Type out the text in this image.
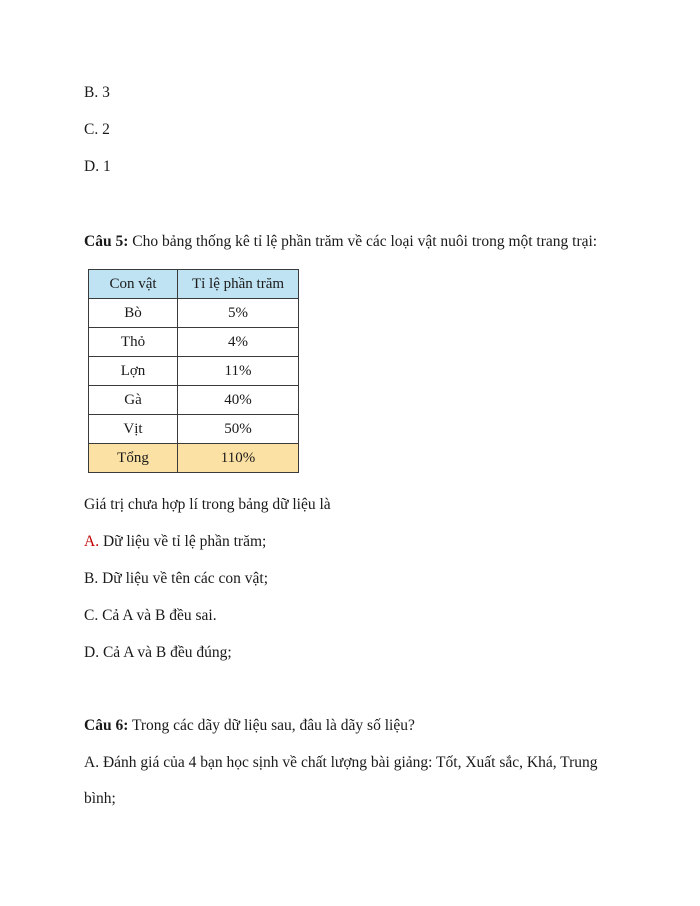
B. 3
C. 2
D. 1
Câu 5: Cho bảng thống kê tỉ lệ phần trăm về các loại vật nuôi trong một trang trại:
Con vật	Tỉ lệ phần trăm
Bò	5%
Thỏ	4%
Lợn	11%
Gà	40%
Vịt	50%
Tổng	110%
Giá trị chưa hợp lí trong bảng dữ liệu là
A. Dữ liệu về tỉ lệ phần trăm;
B. Dữ liệu về tên các con vật;
C. Cả A và B đều sai.
D. Cả A và B đều đúng;
Câu 6: Trong các dãy dữ liệu sau, đâu là dãy số liệu?
A. Đánh giá của 4 bạn học sịnh về chất lượng bài giảng: Tốt, Xuất sắc, Khá, Trung
bình;
